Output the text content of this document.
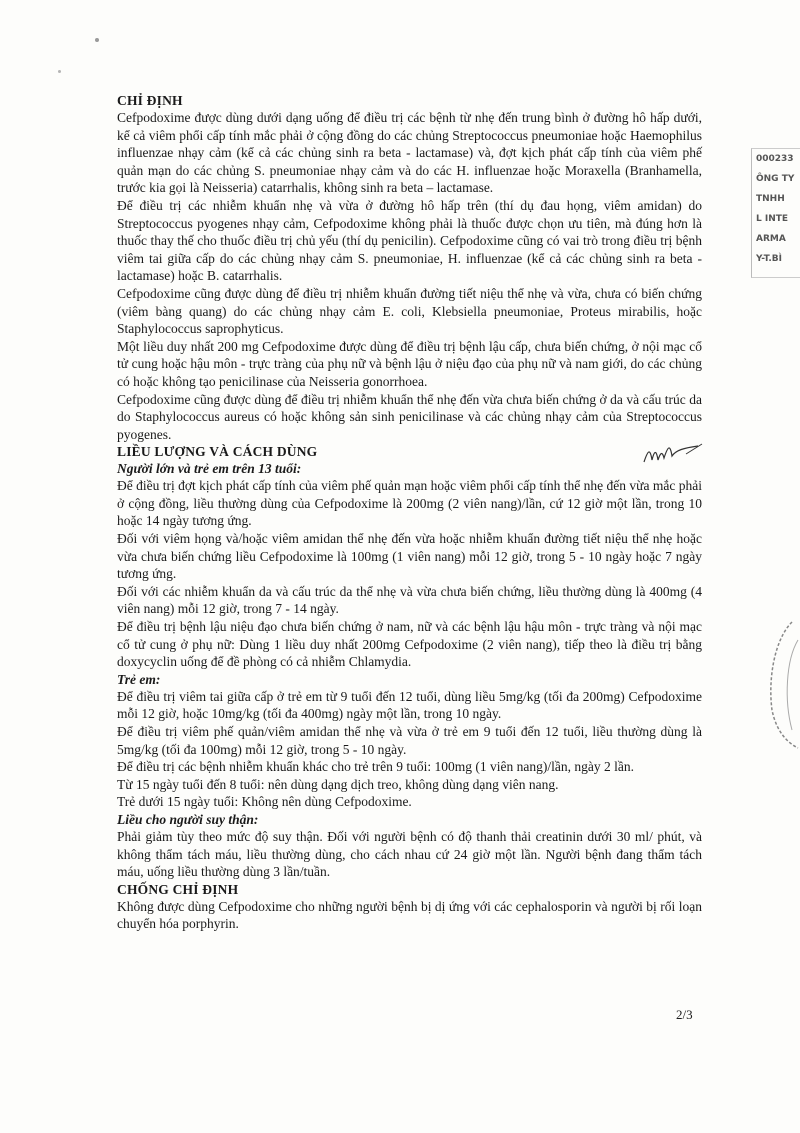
000233
ÔNG TY
TNHH
L INTE
ARMA
Y-T.BÌ
CHỈ ĐỊNH

Cefpodoxime được dùng dưới dạng uống để điều trị các bệnh từ nhẹ đến trung bình ở đường hô hấp dưới, kể cả viêm phổi cấp tính mắc phải ở cộng đồng do các chủng Streptococcus pneumoniae hoặc Haemophilus influenzae nhạy cảm (kể cả các chủng sinh ra beta - lactamase) và, đợt kịch phát cấp tính của viêm phế quản mạn do các chủng S. pneumoniae nhạy cảm và do các H. influenzae hoặc Moraxella (Branhamella, trước kia gọi là Neisseria) catarrhalis, không sinh ra beta – lactamase.

Để điều trị các nhiễm khuẩn nhẹ và vừa ở đường hô hấp trên (thí dụ đau họng, viêm amidan) do Streptococcus pyogenes nhạy cảm, Cefpodoxime không phải là thuốc được chọn ưu tiên, mà đúng hơn là thuốc thay thế cho thuốc điều trị chủ yếu (thí dụ penicilin). Cefpodoxime cũng có vai trò trong điều trị bệnh viêm tai giữa cấp do các chủng nhạy cảm S. pneumoniae, H. influenzae (kể cả các chủng sinh ra beta - lactamase) hoặc B. catarrhalis.

Cefpodoxime cũng được dùng để điều trị nhiễm khuẩn đường tiết niệu thể nhẹ và vừa, chưa có biến chứng (viêm bàng quang) do các chủng nhạy cảm E. coli, Klebsiella pneumoniae, Proteus mirabilis, hoặc Staphylococcus saprophyticus.

Một liều duy nhất 200 mg Cefpodoxime được dùng để điều trị bệnh lậu cấp, chưa biến chứng, ở nội mạc cổ tử cung hoặc hậu môn - trực tràng của phụ nữ và bệnh lậu ở niệu đạo của phụ nữ và nam giới, do các chủng có hoặc không tạo penicilinase của Neisseria gonorrhoea.

Cefpodoxime cũng được dùng để điều trị nhiễm khuẩn thể nhẹ đến vừa chưa biến chứng ở da và cấu trúc da do Staphylococcus aureus có hoặc không sản sinh penicilinase và các chủng nhạy cảm của Streptococcus pyogenes.

LIỀU LƯỢNG VÀ CÁCH DÙNG

Người lớn và trẻ em trên 13 tuổi:

Để điều trị đợt kịch phát cấp tính của viêm phế quản mạn hoặc viêm phổi cấp tính thể nhẹ đến vừa mắc phải ở cộng đồng, liều thường dùng của Cefpodoxime là 200mg (2 viên nang)/lần, cứ 12 giờ một lần, trong 10 hoặc 14 ngày tương ứng.

Đối với viêm họng và/hoặc viêm amidan thể nhẹ đến vừa hoặc nhiễm khuẩn đường tiết niệu thể nhẹ hoặc vừa chưa biến chứng liều Cefpodoxime là 100mg (1 viên nang) mỗi 12 giờ, trong 5 - 10 ngày hoặc 7 ngày tương ứng.

Đối với các nhiễm khuẩn da và cấu trúc da thể nhẹ và vừa chưa biến chứng, liều thường dùng là 400mg (4 viên nang) mỗi 12 giờ, trong 7 - 14 ngày.

Để điều trị bệnh lậu niệu đạo chưa biến chứng ở nam, nữ và các bệnh lậu hậu môn - trực tràng và nội mạc cổ tử cung ở phụ nữ: Dùng 1 liều duy nhất 200mg Cefpodoxime (2 viên nang), tiếp theo là điều trị bằng doxycyclin uống để đề phòng có cả nhiễm Chlamydia.

Trẻ em:

Để điều trị viêm tai giữa cấp ở trẻ em từ 9 tuổi đến 12 tuổi, dùng liều 5mg/kg (tối đa 200mg) Cefpodoxime mỗi 12 giờ, hoặc 10mg/kg (tối đa 400mg) ngày một lần, trong 10 ngày.

Để điều trị viêm phế quản/viêm amidan thể nhẹ và vừa ở trẻ em 9 tuổi đến 12 tuổi, liều thường dùng là 5mg/kg (tối đa 100mg) mỗi 12 giờ, trong 5 - 10 ngày.

Để điều trị các bệnh nhiễm khuẩn khác cho trẻ trên 9 tuổi: 100mg (1 viên nang)/lần, ngày 2 lần.

Từ 15 ngày tuổi đến 8 tuổi: nên dùng dạng dịch treo, không dùng dạng viên nang.

Trẻ dưới 15 ngày tuổi: Không nên dùng Cefpodoxime.

Liều cho người suy thận:

Phải giảm tùy theo mức độ suy thận. Đối với người bệnh có độ thanh thải creatinin dưới 30 ml/ phút, và không thẩm tách máu, liều thường dùng, cho cách nhau cứ 24 giờ một lần. Người bệnh đang thẩm tách máu, uống liều thường dùng 3 lần/tuần.

CHỐNG CHỈ ĐỊNH

Không được dùng Cefpodoxime cho những người bệnh bị dị ứng với các cephalosporin và người bị rối loạn chuyển hóa porphyrin.

2/3
